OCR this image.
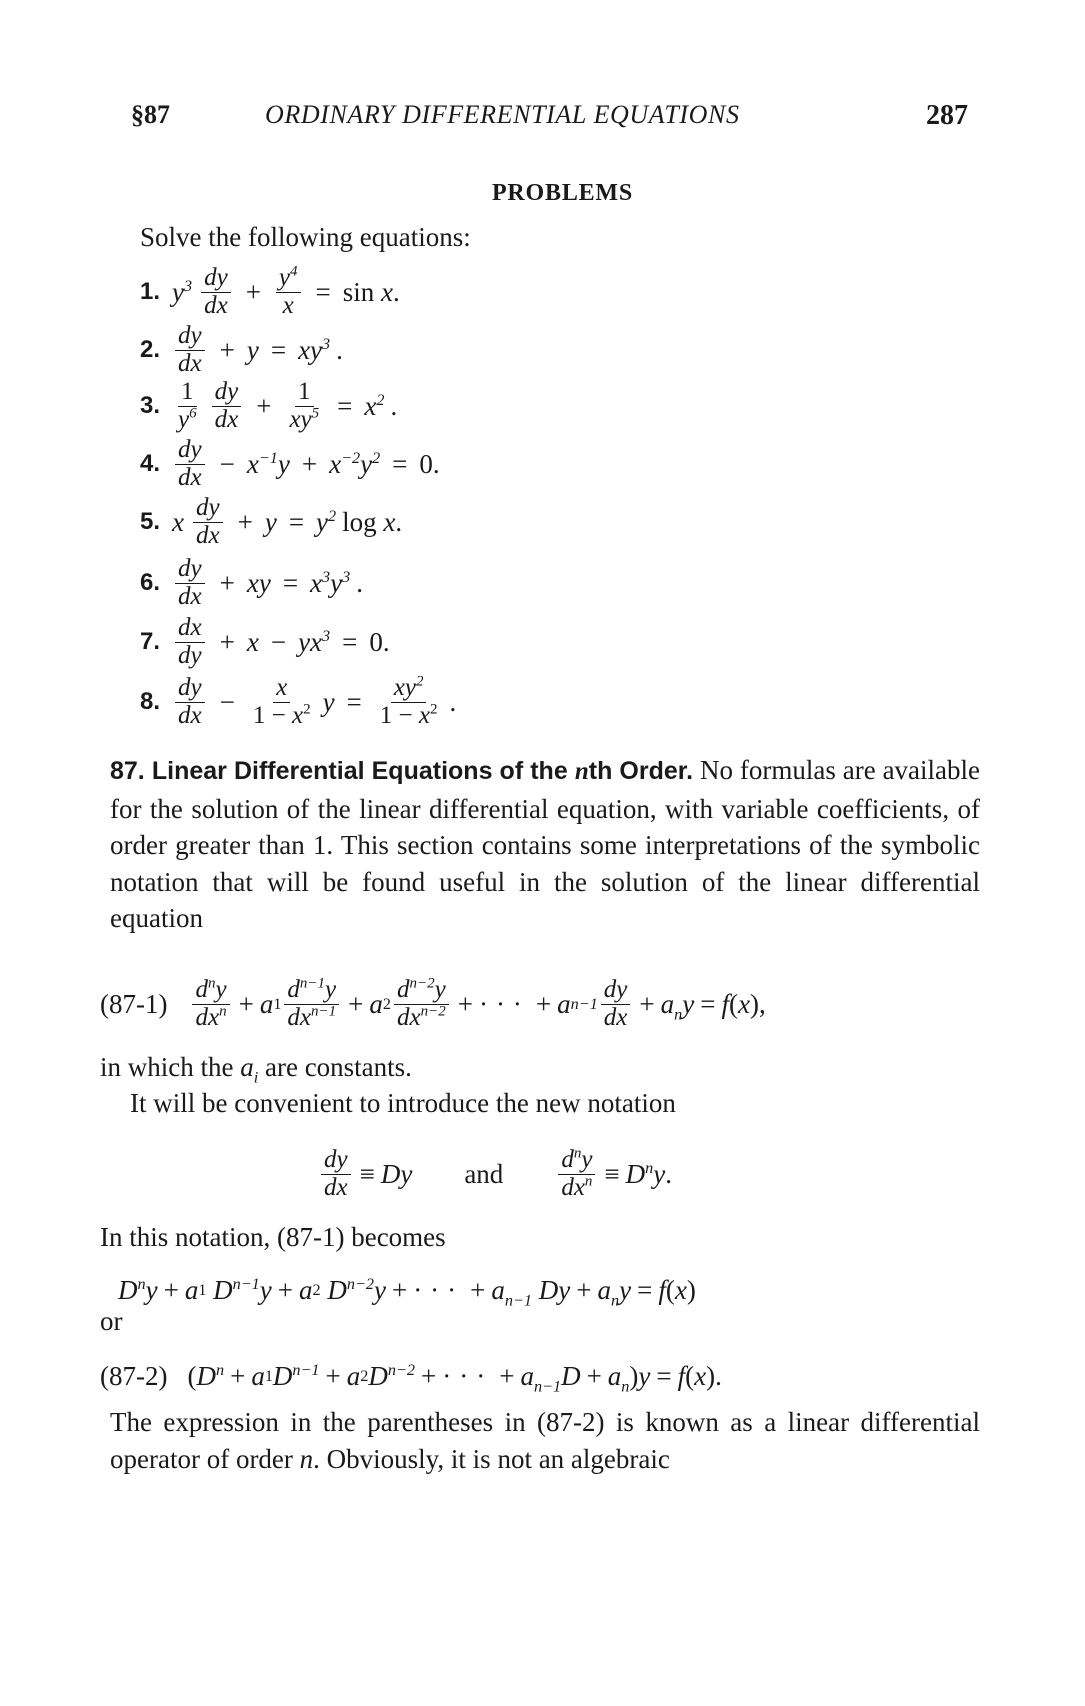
§87	ORDINARY DIFFERENTIAL EQUATIONS	287
PROBLEMS
Solve the following equations:
1. $y^3 \frac{dy}{dx} + \frac{y^4}{x} = \sin x$.
2. $\frac{dy}{dx} + y = xy^3$ .
3. $\frac{1}{y^6} \frac{dy}{dx} + \frac{1}{xy^5} = x^2$ .
4. $\frac{dy}{dx} - x^{-1}y + x^{-2}y^2 = 0$.
5. x $\frac{dy}{dx} + y = y^2$ log x.
6. $\frac{dy}{dx}$ + xy = $x^3y^3$ .
7. $\frac{dx}{dy} + x - yx^3 = 0$.
8. $\frac{dy}{dx} - \frac{x}{1 - x^2}$ $y = \frac{xy^2}{1 - x^2}$ .
87. Linear Differential Equations of the nth Order. No formulas are available for the solution of the linear differential equation, with variable coefficients, of order greater than 1. This section contains some interpretations of the symbolic notation that will be found useful in the solution of the linear differential equation
$(87-1) \frac{d^ny}{dx^n} + a$ $1 \frac{d^{n-1}y}{dx^{n-1}} + a$ $2 \frac{d^{n-2}y}{dx^{n-2}}$ + ··· + a $n-1 \frac{dy}{dx} + a_ny = f$ ( x ),
in which the $a_i$ are constants.
It will be convenient to introduce the new notation
$\frac{dy}{dx} \equiv Dy$ and $\frac{d^ny}{dx^n} \equiv D^ny$ .
In this notation, (87-1) becomes
$D^ny + a$ 1
$D^{n-1}y + a$ 2
$D^{n-2}y$ + ··· + $a_{n-1}$
$Dy + a_ny = f$ ( x )
or
(87-2) ($D^n + a$ 1 $D^{n-1} + a$ 2 $D^{n-2}$ + ··· + $a_{n-1}D + a_n$ ) y = f ( x ).
The expression in the parentheses in (87-2) is known as a linear differential operator of order n. Obviously, it is not an algebraic
